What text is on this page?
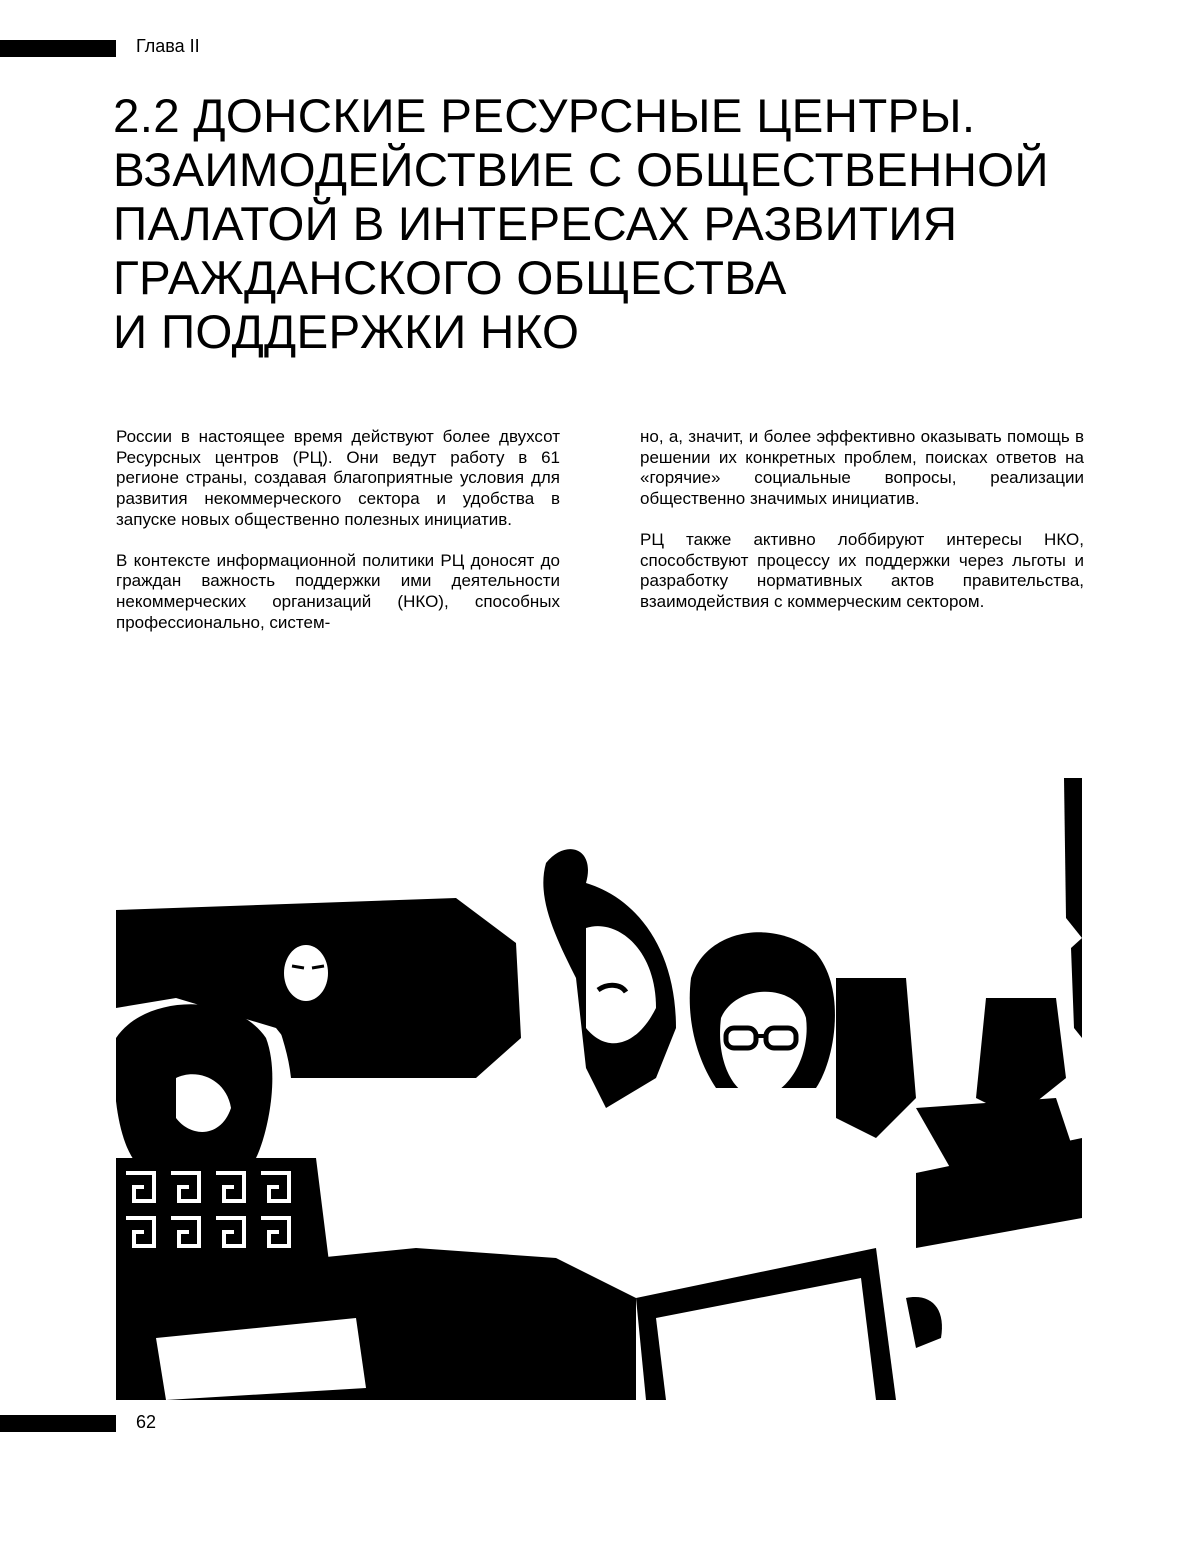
Глава II
2.2 ДОНСКИЕ РЕСУРСНЫЕ ЦЕНТРЫ.
ВЗАИМОДЕЙСТВИЕ С ОБЩЕСТВЕННОЙ
ПАЛАТОЙ В ИНТЕРЕСАХ РАЗВИТИЯ
ГРАЖДАНСКОГО ОБЩЕСТВА
И ПОДДЕРЖКИ НКО

России в настоящее время действуют более двухсот Ресурсных центров (РЦ). Они ведут работу в 61 регионе страны, создавая благоприятные условия для развития некоммерческого сектора и удобства в запуске новых общественно полезных инициатив.

В контексте информационной политики РЦ доносят до граждан важность поддержки ими деятельности некоммерческих организаций (НКО), способных профессионально, систем-

но, а, значит, и более эффективно оказывать помощь в решении их конкретных проблем, поисках ответов на «горячие» социальные вопросы, реализации общественно значимых инициатив.

РЦ также активно лоббируют интересы НКО, способствуют процессу их поддержки через льготы и разработку нормативных актов правительства, взаимодействия с коммерческим сектором.

62
